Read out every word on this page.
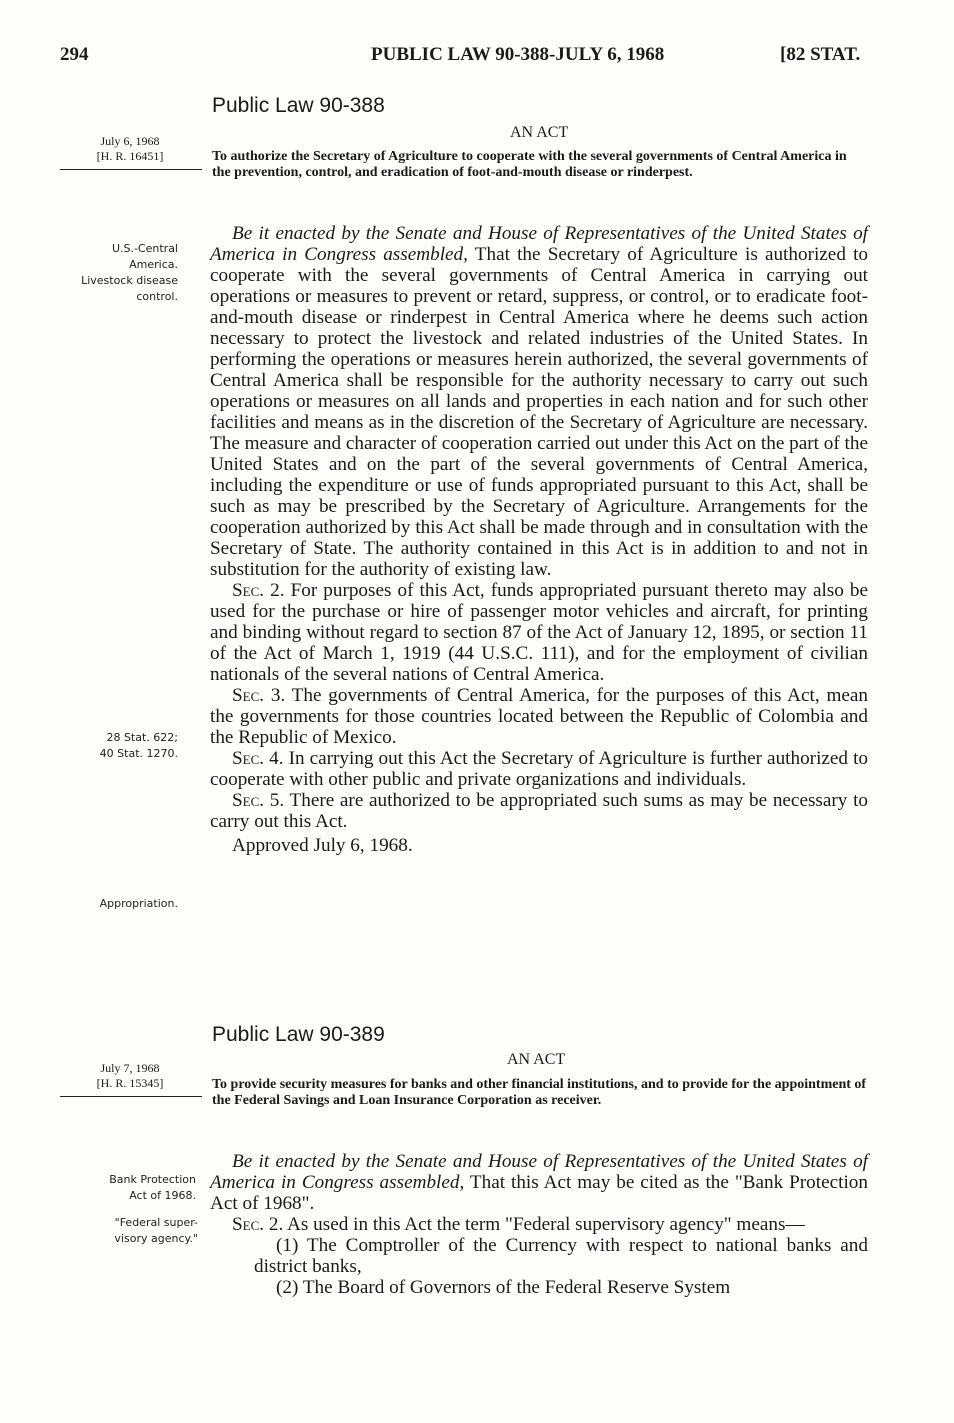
294	PUBLIC LAW 90-388-JULY 6, 1968	[82 STAT.
Public Law 90-388
AN ACT
July 6, 1968
[H. R. 16451]	To authorize the Secretary of Agriculture to cooperate with the several governments of Central America in the prevention, control, and eradication of foot-and-mouth disease or rinderpest.
U.S.-Central America.
Livestock disease control.

Be it enacted by the Senate and House of Representatives of the United States of America in Congress assembled, That the Secretary of Agriculture is authorized to cooperate with the several governments of Central America in carrying out operations or measures to prevent or retard, suppress, or control, or to eradicate foot-and-mouth disease or rinderpest in Central America where he deems such action necessary to protect the livestock and related industries of the United States. In performing the operations or measures herein authorized, the several governments of Central America shall be responsible for the authority necessary to carry out such operations or measures on all lands and properties in each nation and for such other facilities and means as in the discretion of the Secretary of Agriculture are necessary. The measure and character of cooperation carried out under this Act on the part of the United States and on the part of the several governments of Central America, including the expenditure or use of funds appropriated pursuant to this Act, shall be such as may be prescribed by the Secretary of Agriculture. Arrangements for the cooperation authorized by this Act shall be made through and in consultation with the Secretary of State. The authority contained in this Act is in addition to and not in substitution for the authority of existing law.

Sec. 2. For purposes of this Act, funds appropriated pursuant thereto may also be used for the purchase or hire of passenger motor vehicles and aircraft, for printing and binding without regard to section 87 of the Act of January 12, 1895, or section 11 of the Act of March 1, 1919 (44 U.S.C. 111), and for the employment of civilian nationals of the several nations of Central America.

Sec. 3. The governments of Central America, for the purposes of this Act, mean the governments for those countries located between the Republic of Colombia and the Republic of Mexico.

Sec. 4. In carrying out this Act the Secretary of Agriculture is further authorized to cooperate with other public and private organizations and individuals.

Sec. 5. There are authorized to be appropriated such sums as may be necessary to carry out this Act.

Approved July 6, 1968.

28 Stat. 622;
40 Stat. 1270.
Appropriation.
Public Law 90-389
AN ACT
July 7, 1968
[H. R. 15345]	To provide security measures for banks and other financial institutions, and to provide for the appointment of the Federal Savings and Loan Insurance Corporation as receiver.
Bank Protection
Act of 1968.
"Federal super-
visory agency."

Be it enacted by the Senate and House of Representatives of the United States of America in Congress assembled, That this Act may be cited as the "Bank Protection Act of 1968".

Sec. 2. As used in this Act the term "Federal supervisory agency" means—

(1) The Comptroller of the Currency with respect to national banks and district banks,

(2) The Board of Governors of the Federal Reserve System
